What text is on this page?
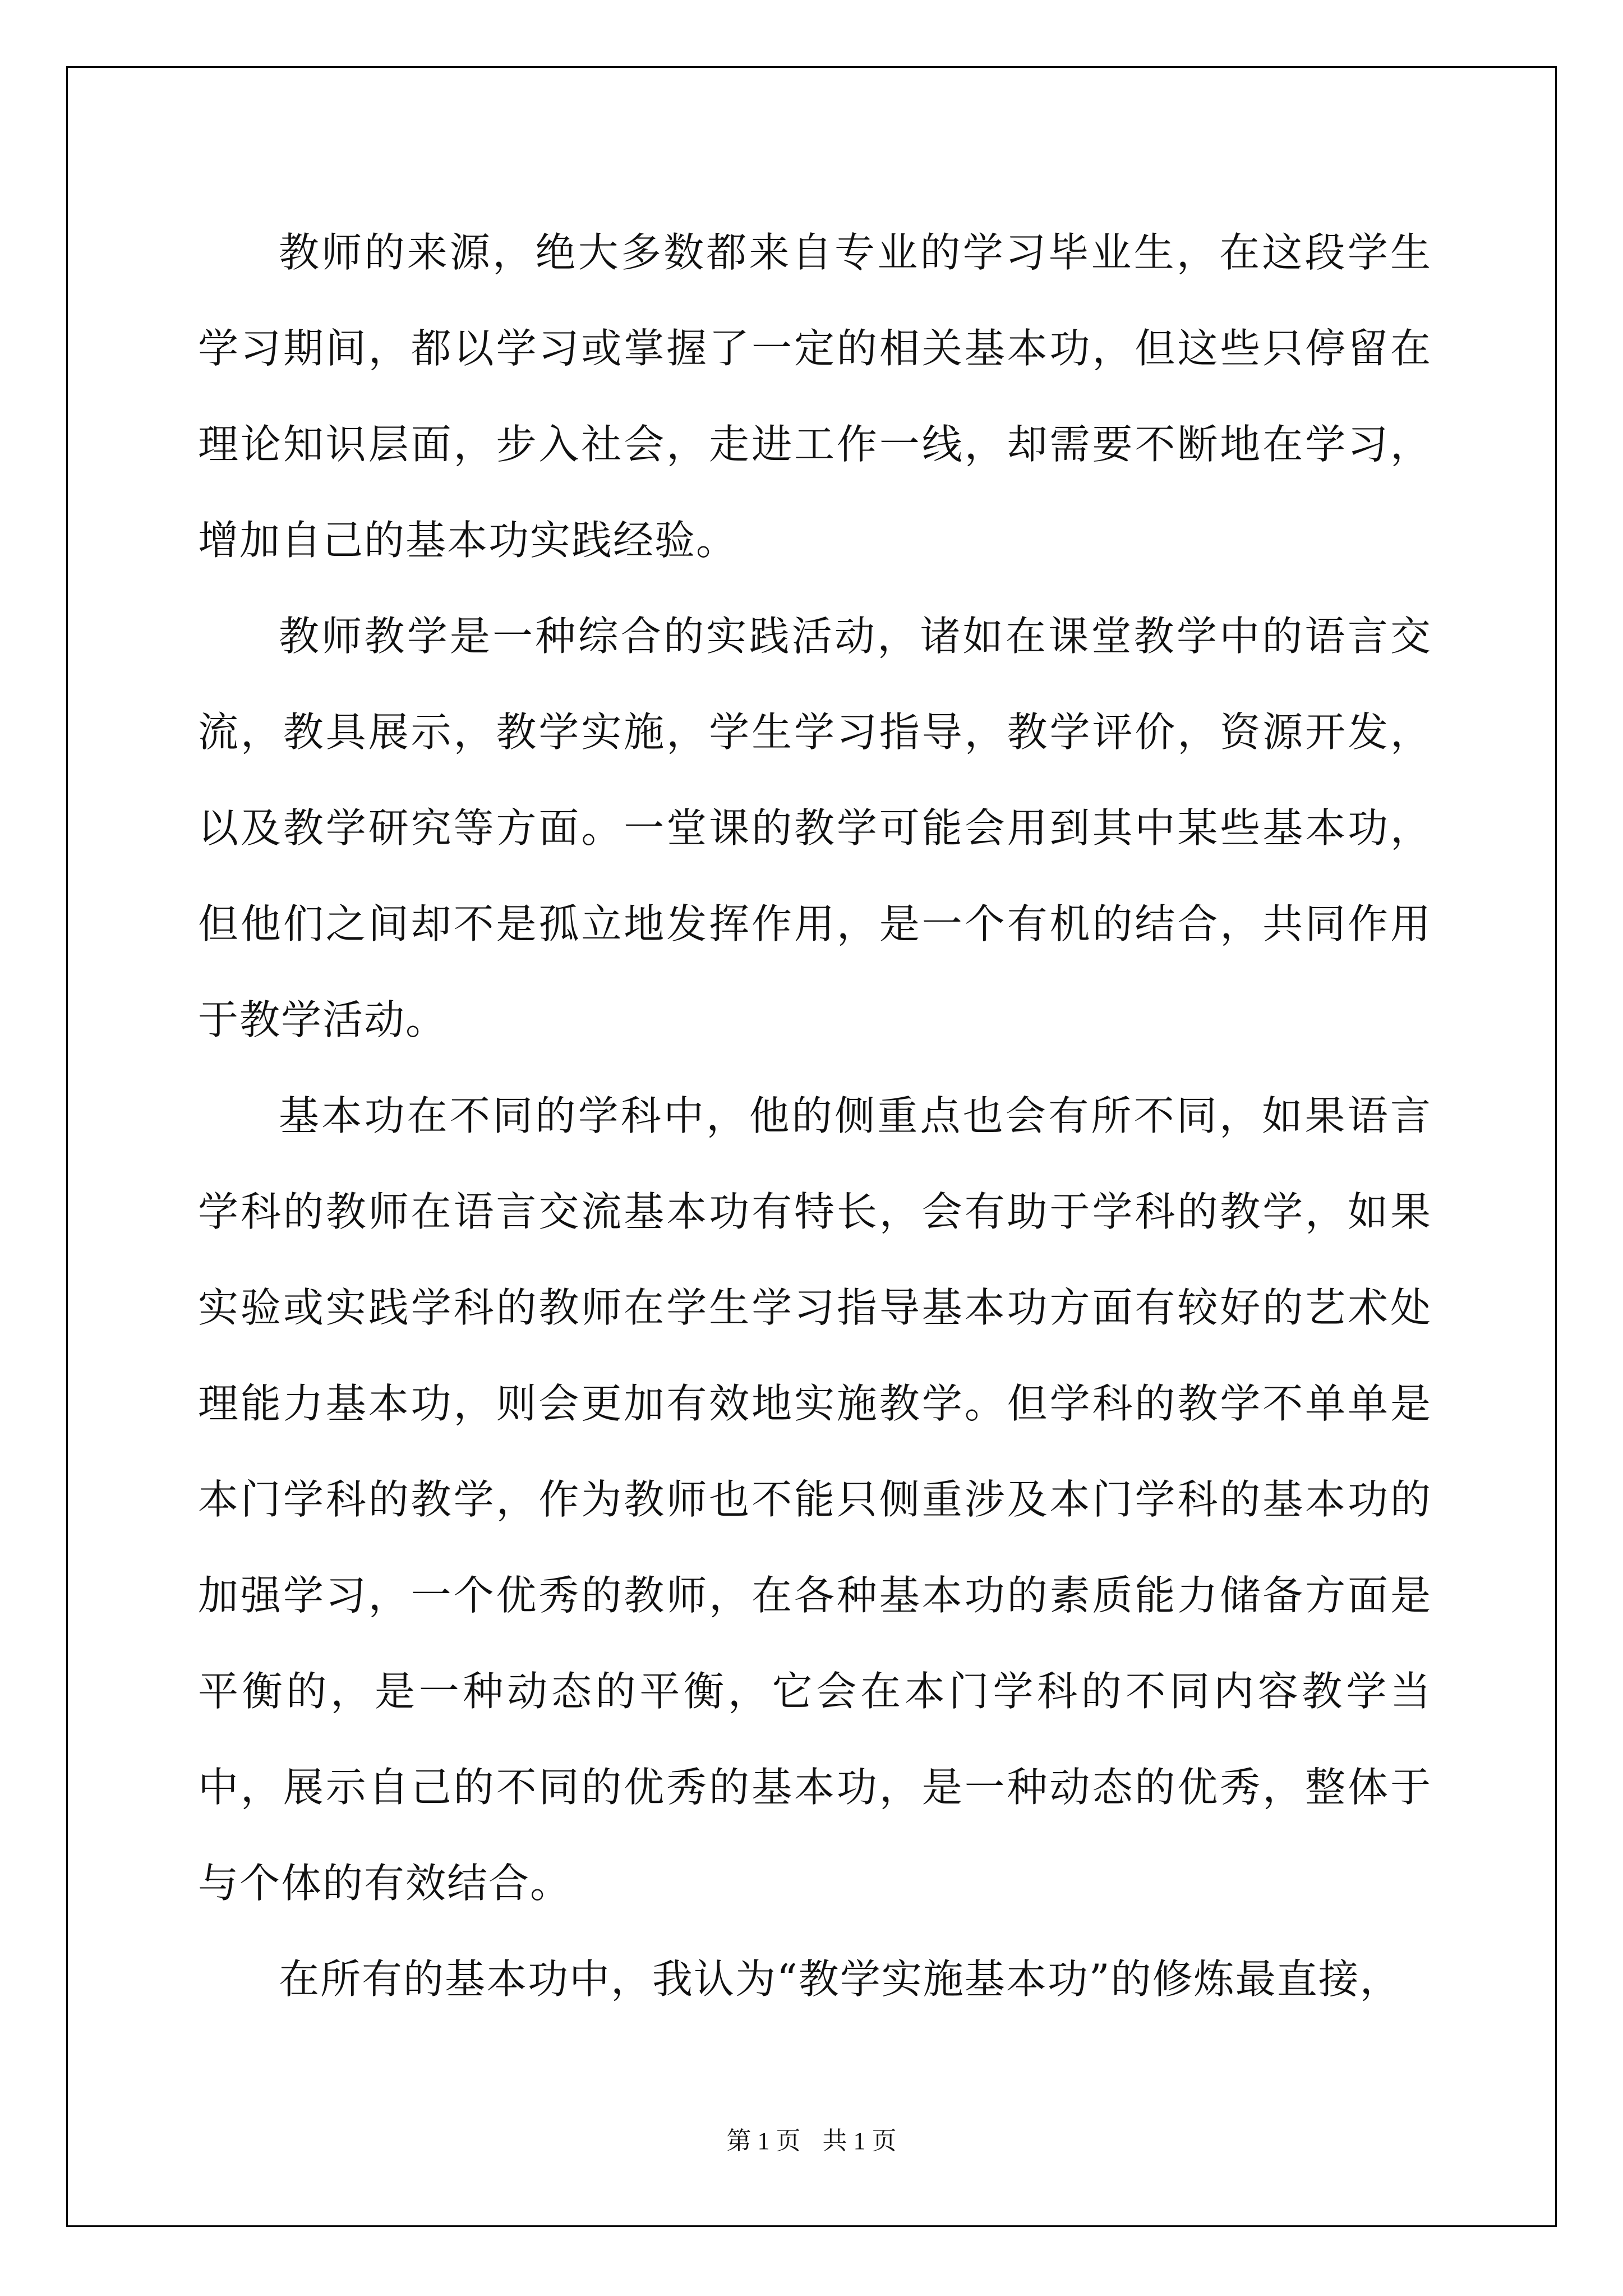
教师的来源，绝大多数都来自专业的学习毕业生，在这段学生学习期间，都以学习或掌握了一定的相关基本功，但这些只停留在理论知识层面，步入社会，走进工作一线，却需要不断地在学习，增加自己的基本功实践经验。

教师教学是一种综合的实践活动，诸如在课堂教学中的语言交流，教具展示，教学实施，学生学习指导，教学评价，资源开发，以及教学研究等方面。一堂课的教学可能会用到其中某些基本功，但他们之间却不是孤立地发挥作用，是一个有机的结合，共同作用于教学活动。

基本功在不同的学科中，他的侧重点也会有所不同，如果语言学科的教师在语言交流基本功有特长，会有助于学科的教学，如果实验或实践学科的教师在学生学习指导基本功方面有较好的艺术处理能力基本功，则会更加有效地实施教学。但学科的教学不单单是本门学科的教学，作为教师也不能只侧重涉及本门学科的基本功的加强学习，一个优秀的教师，在各种基本功的素质能力储备方面是平衡的，是一种动态的平衡，它会在本门学科的不同内容教学当中，展示自己的不同的优秀的基本功，是一种动态的优秀，整体于与个体的有效结合。

在所有的基本功中，我认为“教学实施基本功”的修炼最直接，

第 1 页 共 1 页
